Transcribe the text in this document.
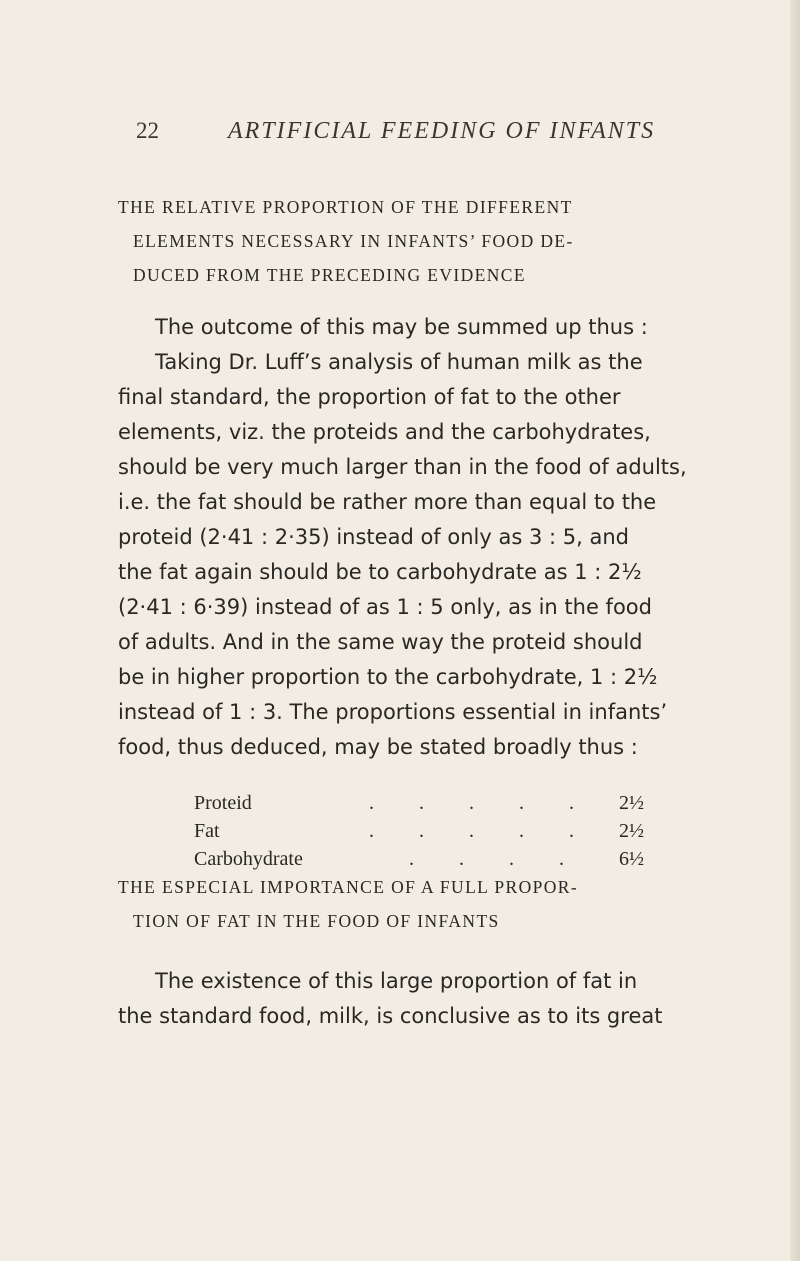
22	ARTIFICIAL FEEDING OF INFANTS
THE RELATIVE PROPORTION OF THE DIFFERENT

ELEMENTS NECESSARY IN INFANTS’ FOOD DE-
DUCED FROM THE PRECEDING EVIDENCE
The outcome of this may be summed up thus :
Taking Dr. Luff’s analysis of human milk as the
final standard, the proportion of fat to the other
elements, viz. the proteids and the carbohydrates,
should be very much larger than in the food of adults,
i.e. the fat should be rather more than equal to the
proteid (2·41 : 2·35) instead of only as 3 : 5, and
the fat again should be to carbohydrate as 1 : 2½
(2·41 : 6·39) instead of as 1 : 5 only, as in the food
of adults. And in the same way the proteid should
be in higher proportion to the carbohydrate, 1 : 2½
instead of 1 : 3. The proportions essential in infants’
food, thus deduced, may be stated broadly thus :
Proteid	. . . . . 2½
Fat	. . . . . 2½
Carbohydrate	. . . . 6½
THE ESPECIAL IMPORTANCE OF A FULL PROPOR-

TION OF FAT IN THE FOOD OF INFANTS
The existence of this large proportion of fat in
the standard food, milk, is conclusive as to its great
